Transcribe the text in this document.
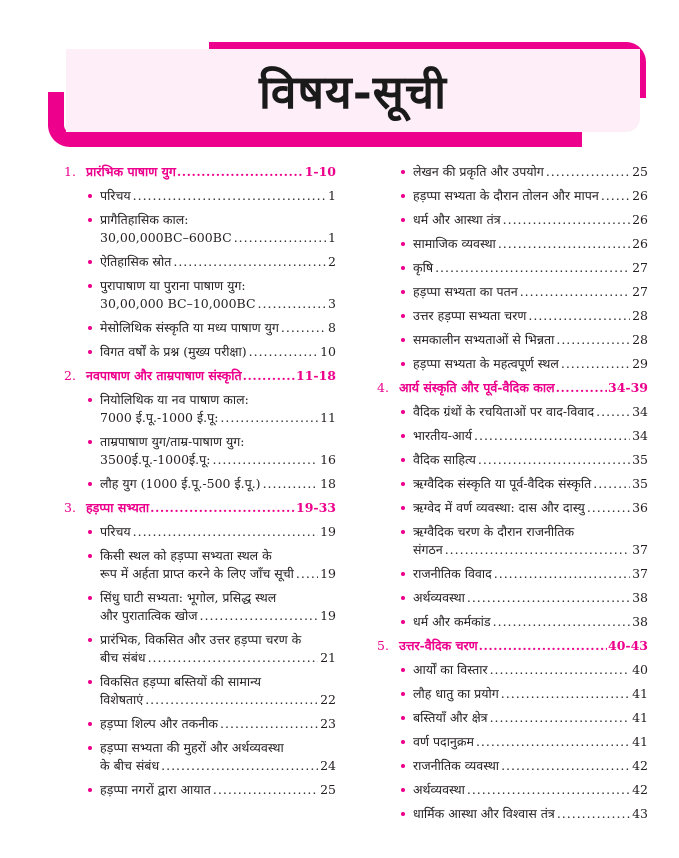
विषय-सूची
1. प्रारंभिक पाषाण युग .....	1-10
परिचय .....	1
प्रागैतिहासिक काल:
30,00,000BC–600BC .....	1
ऐतिहासिक स्रोत .....	2
पुरापाषाण या पुराना पाषाण युग:
30,00,000 BC–10,000BC .....	3
मेसोलिथिक संस्कृति या मध्य पाषाण युग .....	8
विगत वर्षों के प्रश्न (मुख्य परीक्षा) .....	10
2. नवपाषाण और ताम्रपाषाण संस्कृति .....	11-18
नियोलिथिक या नव पाषाण काल:
7000 ई.पू.-1000 ई.पू: .....	11
ताम्रपाषाण युग/ताम्र-पाषाण युग:
3500ई.पू.-1000ई.पू: .....	16
लौह युग (1000 ई.पू.-500 ई.पू.) .....	18
3. हड़प्पा सभ्यता .....	19-33
परिचय .....	19
किसी स्थल को हड़प्पा सभ्यता स्थल के
रूप में अर्हता प्राप्त करने के लिए जाँच सूची ..... 19
सिंधु घाटी सभ्यता: भूगोल, प्रसिद्ध स्थल
और पुरातात्विक खोज .....	19
प्रारंभिक, विकसित और उत्तर हड़प्पा चरण के
बीच संबंध .....	21
विकसित हड़प्पा बस्तियों की सामान्य
विशेषताएं .....	22
हड़प्पा शिल्प और तकनीक .....	23
हड़प्पा सभ्यता की मुहरों और अर्थव्यवस्था
के बीच संबंध .....	24
हड़प्पा नगरों द्वारा आयात .....	25
लेखन की प्रकृति और उपयोग .....	25
हड़प्पा सभ्यता के दौरान तोलन और मापन .....	26
धर्म और आस्था तंत्र .....	26
सामाजिक व्यवस्था .....	26
कृषि .....	27
हड़प्पा सभ्यता का पतन .....	27
उत्तर हड़प्पा सभ्यता चरण .....	28
समकालीन सभ्यताओं से भिन्नता .....	28
हड़प्पा सभ्यता के महत्वपूर्ण स्थल .....	29
4. आर्य संस्कृति और पूर्व-वैदिक काल .....	34-39
वैदिक ग्रंथों के रचयिताओं पर वाद-विवाद .....	34
भारतीय-आर्य .....	34
वैदिक साहित्य .....	35
ऋग्वैदिक संस्कृति या पूर्व-वैदिक संस्कृति .....	35
ऋग्वेद में वर्ण व्यवस्था: दास और दास्यु .....	36
ऋग्वैदिक चरण के दौरान राजनीतिक
संगठन .....	37
राजनीतिक विवाद .....	37
अर्थव्यवस्था .....	38
धर्म और कर्मकांड .....	38
5. उत्तर-वैदिक चरण .....	40-43
आर्यों का विस्तार .....	40
लौह धातु का प्रयोग .....	41
बस्तियाँ और क्षेत्र .....	41
वर्ण पदानुक्रम .....	41
राजनीतिक व्यवस्था .....	42
अर्थव्यवस्था .....	42
धार्मिक आस्था और विश्वास तंत्र .....	43
